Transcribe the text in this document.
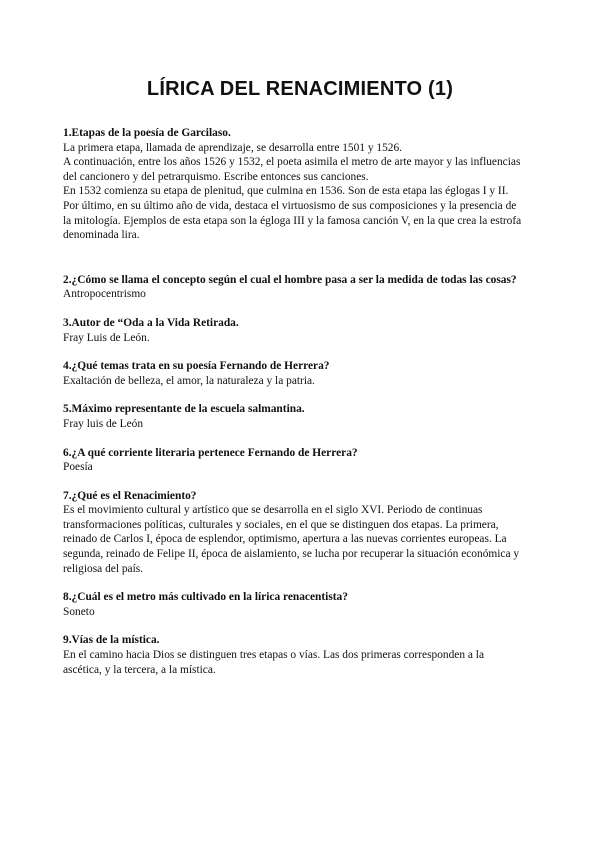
LÍRICA DEL RENACIMIENTO (1)
1.Etapas de la poesía de Garcilaso.

La primera etapa, llamada de aprendizaje, se desarrolla entre 1501 y 1526.

A continuación, entre los años 1526 y 1532, el poeta asimila el metro de arte mayor y las influencias del cancionero y del petrarquismo. Escribe entonces sus canciones.

En 1532 comienza su etapa de plenitud, que culmina en 1536. Son de esta etapa las églogas I y II.

Por último, en su último año de vida, destaca el virtuosismo de sus composiciones y la presencia de la mitología. Ejemplos de esta etapa son la égloga III y la famosa canción V, en la que crea la estrofa denominada lira.

2.¿Cómo se llama el concepto según el cual el hombre pasa a ser la medida de todas las cosas?
Antropocentrismo
3.Autor de “Oda a la Vida Retirada.
Fray Luis de León.
4.¿Qué temas trata en su poesía Fernando de Herrera?
Exaltación de belleza, el amor, la naturaleza y la patria.
5.Máximo representante de la escuela salmantina.
Fray luis de León
6.¿A qué corriente literaria pertenece Fernando de Herrera?
Poesía
7.¿Qué es el Renacimiento?
Es el movimiento cultural y artístico que se desarrolla en el siglo XVI. Periodo de continuas transformaciones políticas, culturales y sociales, en el que se distinguen dos etapas. La primera, reinado de Carlos I, época de esplendor, optimismo, apertura a las nuevas corrientes europeas. La segunda, reinado de Felipe II, época de aislamiento, se lucha por recuperar la situación económica y religiosa del país.
8.¿Cuál es el metro más cultivado en la lírica renacentista?
Soneto
9.Vías de la mística.
En el camino hacia Dios se distinguen tres etapas o vías. Las dos primeras corresponden a la ascética, y la tercera, a la mística.
